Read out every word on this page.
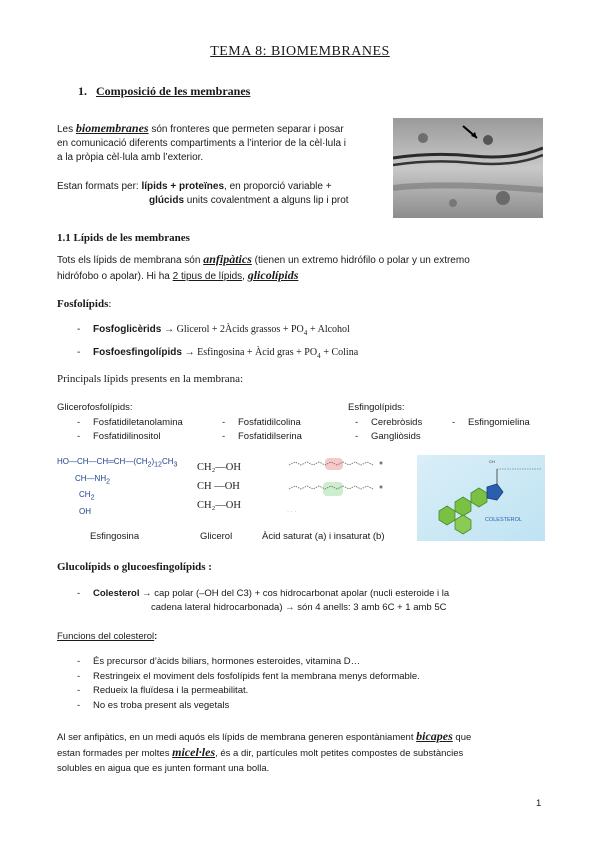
TEMA 8: BIOMEMBRANES
1. Composició de les membranes
Les biomembranes són fronteres que permeten separar i posar
en comunicació diferents compartiments a l’interior de la cèl·lula i
a la pròpia cèl·lula amb l’exterior.
Estan formats per: lípids + proteïnes, en proporció variable +
glúcids units covalentment a alguns lip i prot
1.1 Lípids de les membranes
Tots els lípids de membrana són anfipàtics (tienen un extremo hidrófilo o polar y un extremo
hidrófobo o apolar). Hi ha 2 tipus de lípids, glicolípids
Fosfolípids:
- Fosfoglicèrids → Glicerol + 2Àcids grassos + $PO_4$ + Alcohol
- Fosfoesfingolípids → Esfingosina + Àcid gras + $PO_4$ + Colina
Principals lípids presents en la membrana:
Glicerofosfolípids:
- Fosfatidiletanolamina
- Fosfatidilinositol
- Fosfatidilcolina
- Fosfatidilserina
Esfingolípids:
- Cerebròsids
- Gangliòsids
- Esfingomielina
$HO—CH—CH═CH—(CH_2)_{12}CH_3$
$CH—NH_2$
$CH_2$
OH
CH₂—OH
CH —OH
CH₂—OH
· · ·
CH
COLESTEROL
Esfingosina	Glicerol	Àcid saturat (a) i insaturat (b)
Glucolípids o glucoesfingolípids :
- Colesterol → cap polar (–OH del C3) + cos hidrocarbonat apolar (nucli esteroide i la
cadena lateral hidrocarbonada) → són 4 anells: 3 amb 6C + 1 amb 5C
Funcions del colesterol:
- És precursor d’àcids biliars, hormones esteroides, vitamina D…
- Restringeix el moviment dels fosfolípids fent la membrana menys deformable.
- Redueix la fluïdesa i la permeabilitat.
- No es troba present als vegetals
Al ser anfipàtics, en un medi aquós els lípids de membrana generen espontàniament bicapes que
estan formades per moltes micel·les, és a dir, partícules molt petites compostes de substàncies
solubles en aigua que es junten formant una bolla.
1
